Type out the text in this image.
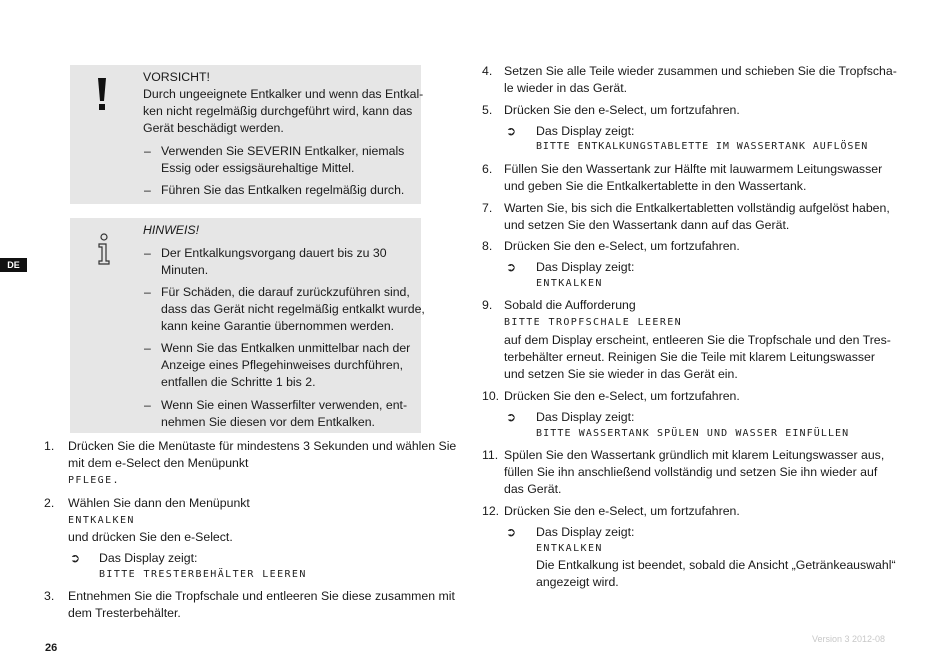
DE
VORSICHT!
Durch ungeeignete Entkalker und wenn das Entkal-
ken nicht regelmäßig durchgeführt wird, kann das
Gerät beschädigt werden.
– Verwenden Sie SEVERIN Entkalker, niemals
Essig oder essigsäurehaltige Mittel.
– Führen Sie das Entkalken regelmäßig durch.
HINWEIS!
– Der Entkalkungsvorgang dauert bis zu 30
Minuten.
– Für Schäden, die darauf zurückzuführen sind,
dass das Gerät nicht regelmäßig entkalkt wurde,
kann keine Garantie übernommen werden.
– Wenn Sie das Entkalken unmittelbar nach der
Anzeige eines Pflegehinweises durchführen,
entfallen die Schritte 1 bis 2.
– Wenn Sie einen Wasserfilter verwenden, ent-
nehmen Sie diesen vor dem Entkalken.
1. Drücken Sie die Menütaste für mindestens 3 Sekunden und wählen Sie
mit dem e-Select den Menüpunkt
PFLEGE.
2. Wählen Sie dann den Menüpunkt
ENTKALKEN
und drücken Sie den e-Select.
➲ Das Display zeigt:
BITTE TRESTERBEHÄLTER LEEREN
3. Entnehmen Sie die Tropfschale und entleeren Sie diese zusammen mit
dem Tresterbehälter.
4. Setzen Sie alle Teile wieder zusammen und schieben Sie die Tropfscha-
le wieder in das Gerät.
5. Drücken Sie den e-Select, um fortzufahren.
➲ Das Display zeigt:
BITTE ENTKALKUNGSTABLETTE IM WASSERTANK AUFLÖSEN
6. Füllen Sie den Wassertank zur Hälfte mit lauwarmem Leitungswasser
und geben Sie die Entkalkertablette in den Wassertank.
7. Warten Sie, bis sich die Entkalkertabletten vollständig aufgelöst haben,
und setzen Sie den Wassertank dann auf das Gerät.
8. Drücken Sie den e-Select, um fortzufahren.
➲ Das Display zeigt:
ENTKALKEN
9. Sobald die Aufforderung
BITTE TROPFSCHALE LEEREN
auf dem Display erscheint, entleeren Sie die Tropfschale und den Tres-
terbehälter erneut. Reinigen Sie die Teile mit klarem Leitungswasser
und setzen Sie sie wieder in das Gerät ein.
10. Drücken Sie den e-Select, um fortzufahren.
➲ Das Display zeigt:
BITTE WASSERTANK SPÜLEN UND WASSER EINFÜLLEN
11. Spülen Sie den Wassertank gründlich mit klarem Leitungswasser aus,
füllen Sie ihn anschließend vollständig und setzen Sie ihn wieder auf
das Gerät.
12. Drücken Sie den e-Select, um fortzufahren.
➲ Das Display zeigt:
ENTKALKEN
Die Entkalkung ist beendet, sobald die Ansicht „Getränkeauswahl“
angezeigt wird.
26
Version 3 2012-08
